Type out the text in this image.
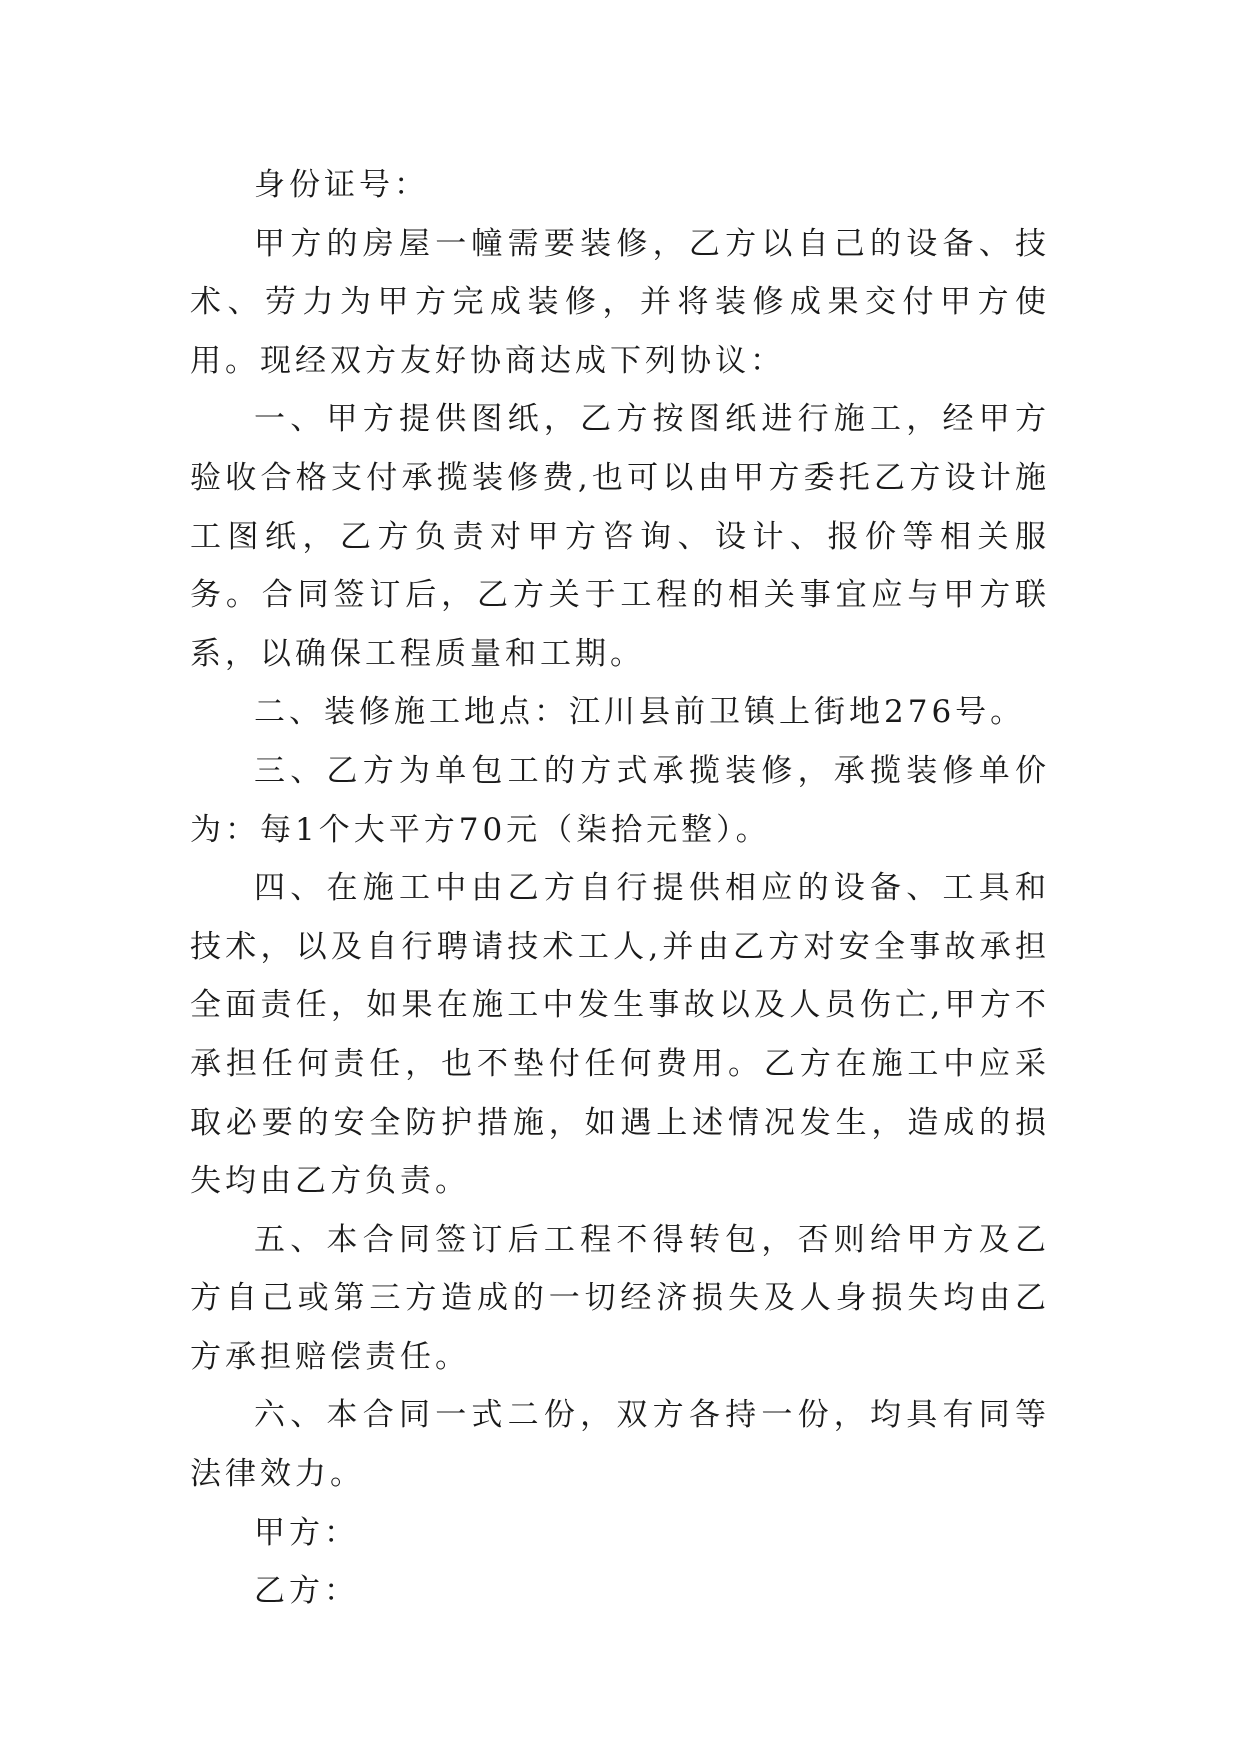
身份证号：

甲方的房屋一幢需要装修，乙方以自己的设备、技术、劳力为甲方完成装修，并将装修成果交付甲方使用。现经双方友好协商达成下列协议：

一、甲方提供图纸，乙方按图纸进行施工，经甲方验收合格支付承揽装修费,也可以由甲方委托乙方设计施工图纸，乙方负责对甲方咨询、设计、报价等相关服务。合同签订后，乙方关于工程的相关事宜应与甲方联系，以确保工程质量和工期。

二、装修施工地点：江川县前卫镇上街地276号。

三、乙方为单包工的方式承揽装修，承揽装修单价为：每1个大平方70元（柒拾元整）。

四、在施工中由乙方自行提供相应的设备、工具和技术，以及自行聘请技术工人,并由乙方对安全事故承担全面责任，如果在施工中发生事故以及人员伤亡,甲方不承担任何责任，也不垫付任何费用。乙方在施工中应采取必要的安全防护措施，如遇上述情况发生，造成的损失均由乙方负责。

五、本合同签订后工程不得转包，否则给甲方及乙方自己或第三方造成的一切经济损失及人身损失均由乙方承担赔偿责任。

六、本合同一式二份，双方各持一份，均具有同等法律效力。

甲方：

乙方：
